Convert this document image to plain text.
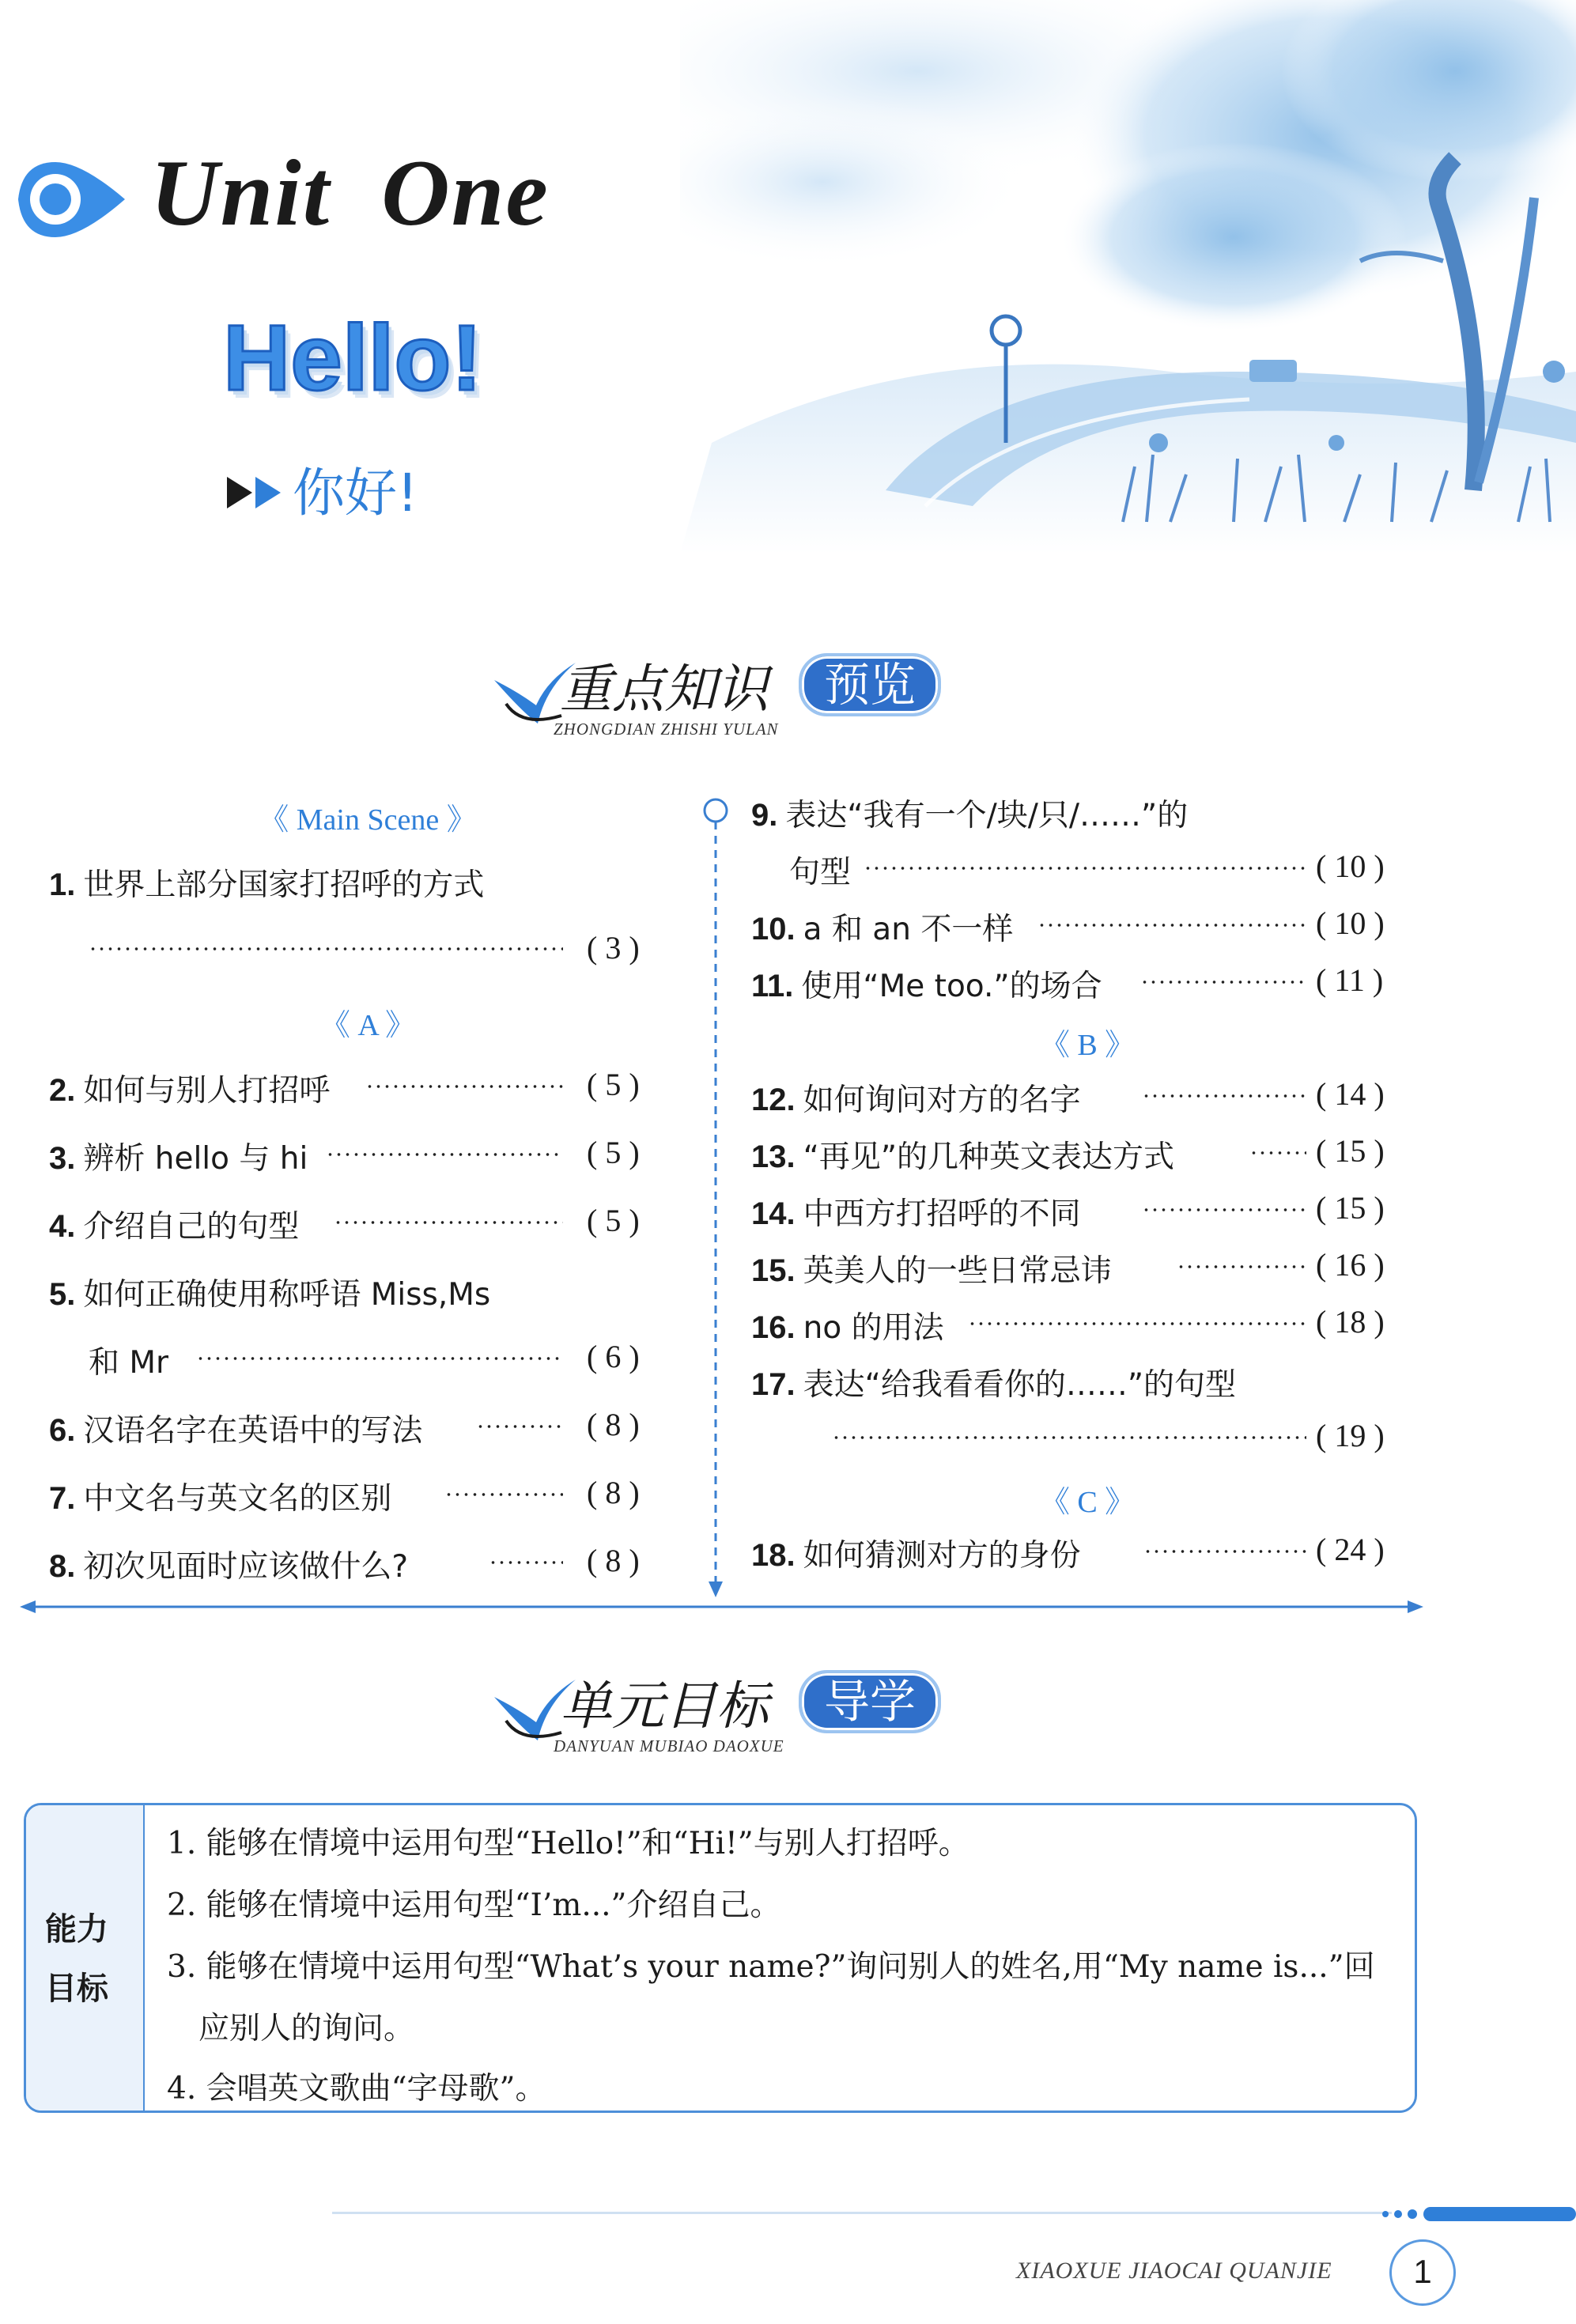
Unit  One
Hello!
你好!
重点知识	预览
ZHONGDIAN ZHISHI YULAN
《 Main Scene 》
1. 世界上部分国家打招呼的方式
( 3 )
《 A 》
2. 如何与别人打招呼	( 5 )
3. 辨析 hello 与 hi	( 5 )
4. 介绍自己的句型	( 5 )
5. 如何正确使用称呼语 Miss,Ms
和 Mr	( 6 )
6. 汉语名字在英语中的写法	( 8 )
7. 中文名与英文名的区别	( 8 )
8. 初次见面时应该做什么?	( 8 )
9. 表达“我有一个/块/只/……”的
句型	( 10 )
10. a 和 an 不一样	( 10 )
11. 使用“Me too.”的场合	( 11 )
《 B 》
12. 如何询问对方的名字	( 14 )
13. “再见”的几种英文表达方式	( 15 )
14. 中西方打招呼的不同	( 15 )
15. 英美人的一些日常忌讳	( 16 )
16. no 的用法	( 18 )
17. 表达“给我看看你的……”的句型
( 19 )
《 C 》
18. 如何猜测对方的身份	( 24 )
单元目标	导学
DANYUAN MUBIAO DAOXUE
能力
目标
1. 能够在情境中运用句型“Hello!”和“Hi!”与别人打招呼。
2. 能够在情境中运用句型“I’m...”介绍自己。
3. 能够在情境中运用句型“What’s your name?”询问别人的姓名,用“My name is...”回
应别人的询问。
4. 会唱英文歌曲“字母歌”。
XIAOXUE JIAOCAI QUANJIE	1
